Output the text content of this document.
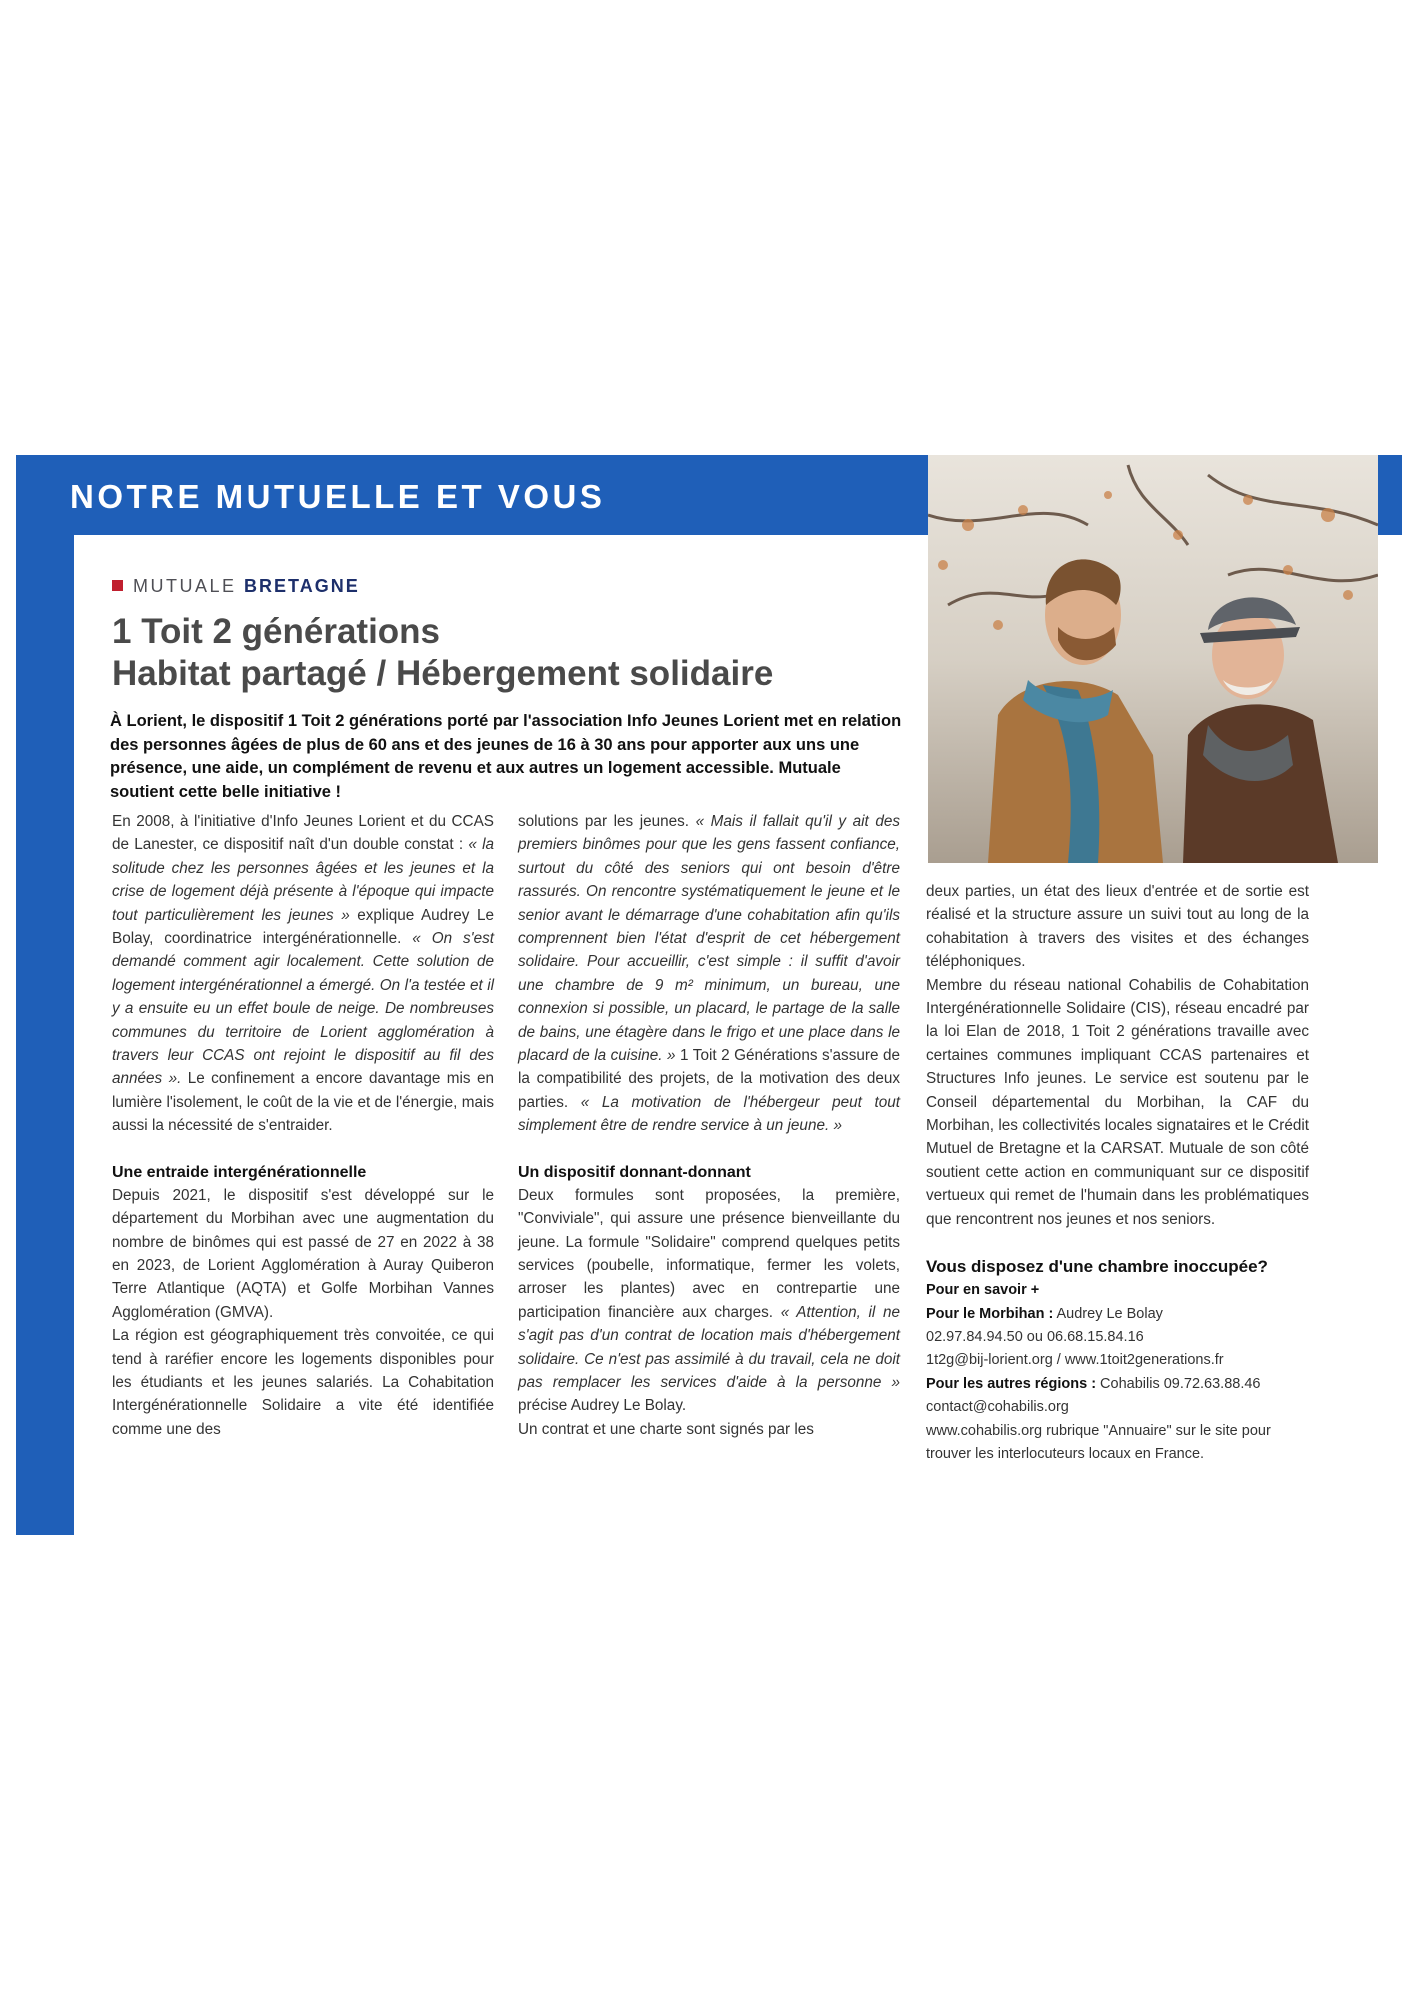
NOTRE MUTUELLE ET VOUS
MUTUALE BRETAGNE
1 Toit 2 générations
Habitat partagé / Hébergement solidaire
À Lorient, le dispositif 1 Toit 2 générations porté par l'association Info Jeunes Lorient met en relation des personnes âgées de plus de 60 ans et des jeunes de 16 à 30 ans pour apporter aux uns une présence, une aide, un complément de revenu et aux autres un logement accessible. Mutuale soutient cette belle initiative !

En 2008, à l'initiative d'Info Jeunes Lorient et du CCAS de Lanester, ce dispositif naît d'un double constat : « la solitude chez les personnes âgées et les jeunes et la crise de logement déjà présente à l'époque qui impacte tout particulièrement les jeunes » explique Audrey Le Bolay, coordinatrice intergénérationnelle. « On s'est demandé comment agir localement. Cette solution de logement intergénérationnel a émergé. On l'a testée et il y a ensuite eu un effet boule de neige. De nombreuses communes du territoire de Lorient agglomération à travers leur CCAS ont rejoint le dispositif au fil des années ». Le confinement a encore davantage mis en lumière l'isolement, le coût de la vie et de l'énergie, mais aussi la nécessité de s'entraider.

Une entraide intergénérationnelle

Depuis 2021, le dispositif s'est développé sur le département du Morbihan avec une augmentation du nombre de binômes qui est passé de 27 en 2022 à 38 en 2023, de Lorient Agglomération à Auray Quiberon Terre Atlantique (AQTA) et Golfe Morbihan Vannes Agglomération (GMVA).

La région est géographiquement très convoitée, ce qui tend à raréfier encore les logements disponibles pour les étudiants et les jeunes salariés. La Cohabitation Intergénérationnelle Solidaire a vite été identifiée comme une des

solutions par les jeunes. « Mais il fallait qu'il y ait des premiers binômes pour que les gens fassent confiance, surtout du côté des seniors qui ont besoin d'être rassurés. On rencontre systématiquement le jeune et le senior avant le démarrage d'une cohabitation afin qu'ils comprennent bien l'état d'esprit de cet hébergement solidaire. Pour accueillir, c'est simple : il suffit d'avoir une chambre de 9 m² minimum, un bureau, une connexion si possible, un placard, le partage de la salle de bains, une étagère dans le frigo et une place dans le placard de la cuisine. » 1 Toit 2 Générations s'assure de la compatibilité des projets, de la motivation des deux parties. « La motivation de l'hébergeur peut tout simplement être de rendre service à un jeune. »

Un dispositif donnant-donnant

Deux formules sont proposées, la première, "Conviviale", qui assure une présence bienveillante du jeune. La formule "Solidaire" comprend quelques petits services (poubelle, informatique, fermer les volets, arroser les plantes) avec en contrepartie une participation financière aux charges. « Attention, il ne s'agit pas d'un contrat de location mais d'hébergement solidaire. Ce n'est pas assimilé à du travail, cela ne doit pas remplacer les services d'aide à la personne » précise Audrey Le Bolay.

Un contrat et une charte sont signés par les

deux parties, un état des lieux d'entrée et de sortie est réalisé et la structure assure un suivi tout au long de la cohabitation à travers des visites et des échanges téléphoniques.

Membre du réseau national Cohabilis de Cohabitation Intergénérationnelle Solidaire (CIS), réseau encadré par la loi Elan de 2018, 1 Toit 2 générations travaille avec certaines communes impliquant CCAS partenaires et Structures Info jeunes. Le service est soutenu par le Conseil départemental du Morbihan, la CAF du Morbihan, les collectivités locales signataires et le Crédit Mutuel de Bretagne et la CARSAT. Mutuale de son côté soutient cette action en communiquant sur ce dispositif vertueux qui remet de l'humain dans les problématiques que rencontrent nos jeunes et nos seniors.

Vous disposez d'une chambre inoccupée?

Pour en savoir +
Pour le Morbihan : Audrey Le Bolay
02.97.84.94.50 ou 06.68.15.84.16
1t2g@bij-lorient.org / www.1toit2generations.fr
Pour les autres régions : Cohabilis 09.72.63.88.46
contact@cohabilis.org
www.cohabilis.org rubrique "Annuaire" sur le site pour trouver les interlocuteurs locaux en France.
